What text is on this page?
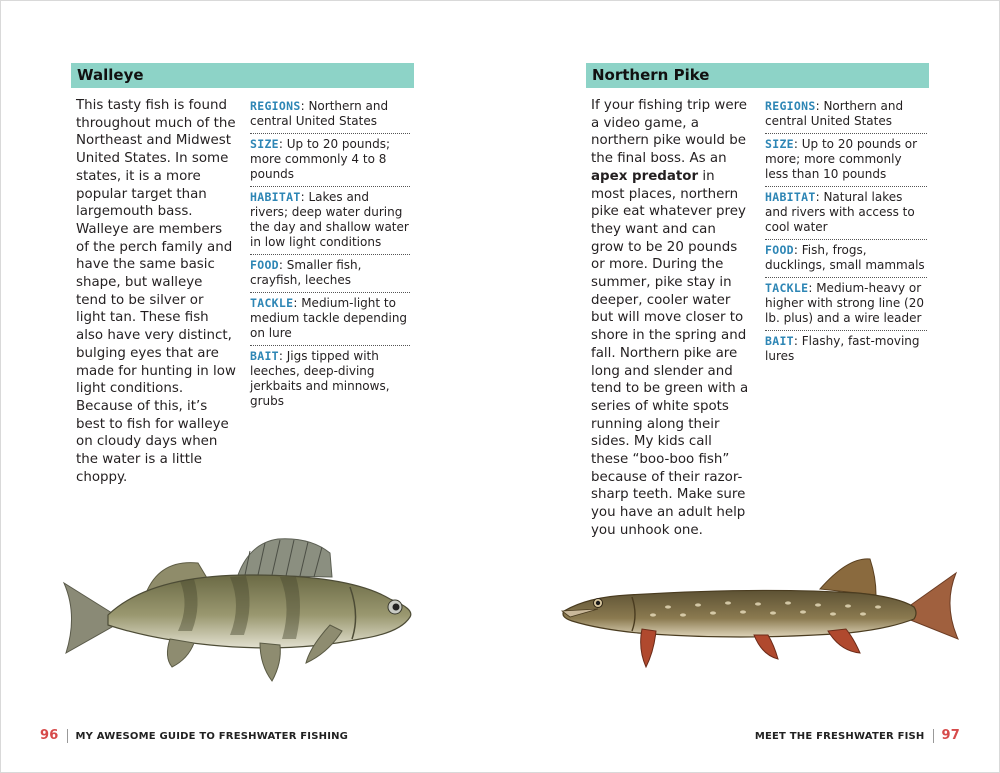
Walleye
This tasty fish is found throughout much of the Northeast and Midwest United States. In some states, it is a more popular target than largemouth bass. Walleye are members of the perch family and have the same basic shape, but walleye tend to be silver or light tan. These fish also have very distinct, bulging eyes that are made for hunting in low light conditions. Because of this, it’s best to fish for walleye on cloudy days when the water is a little choppy.
REGIONS: Northern and central United States
SIZE: Up to 20 pounds; more commonly 4 to 8 pounds
HABITAT: Lakes and rivers; deep water during the day and shallow water in low light conditions
FOOD: Smaller fish, crayfish, leeches
TACKLE: Medium-light to medium tackle depending on lure
BAIT: Jigs tipped with leeches, deep-diving jerkbaits and minnows, grubs
96 MY AWESOME GUIDE TO FRESHWATER FISHING
Northern Pike
If your fishing trip were a video game, a northern pike would be the final boss. As an apex predator in most places, northern pike eat whatever prey they want and can grow to be 20 pounds or more. During the summer, pike stay in deeper, cooler water but will move closer to shore in the spring and fall. Northern pike are long and slender and tend to be green with a series of white spots running along their sides. My kids call these “boo-boo fish” because of their razor-sharp teeth. Make sure you have an adult help you unhook one.
REGIONS: Northern and central United States
SIZE: Up to 20 pounds or more; more commonly less than 10 pounds
HABITAT: Natural lakes and rivers with access to cool water
FOOD: Fish, frogs, ducklings, small mammals
TACKLE: Medium-heavy or higher with strong line (20 lb. plus) and a wire leader
BAIT: Flashy, fast-moving lures
MEET THE FRESHWATER FISH 97
